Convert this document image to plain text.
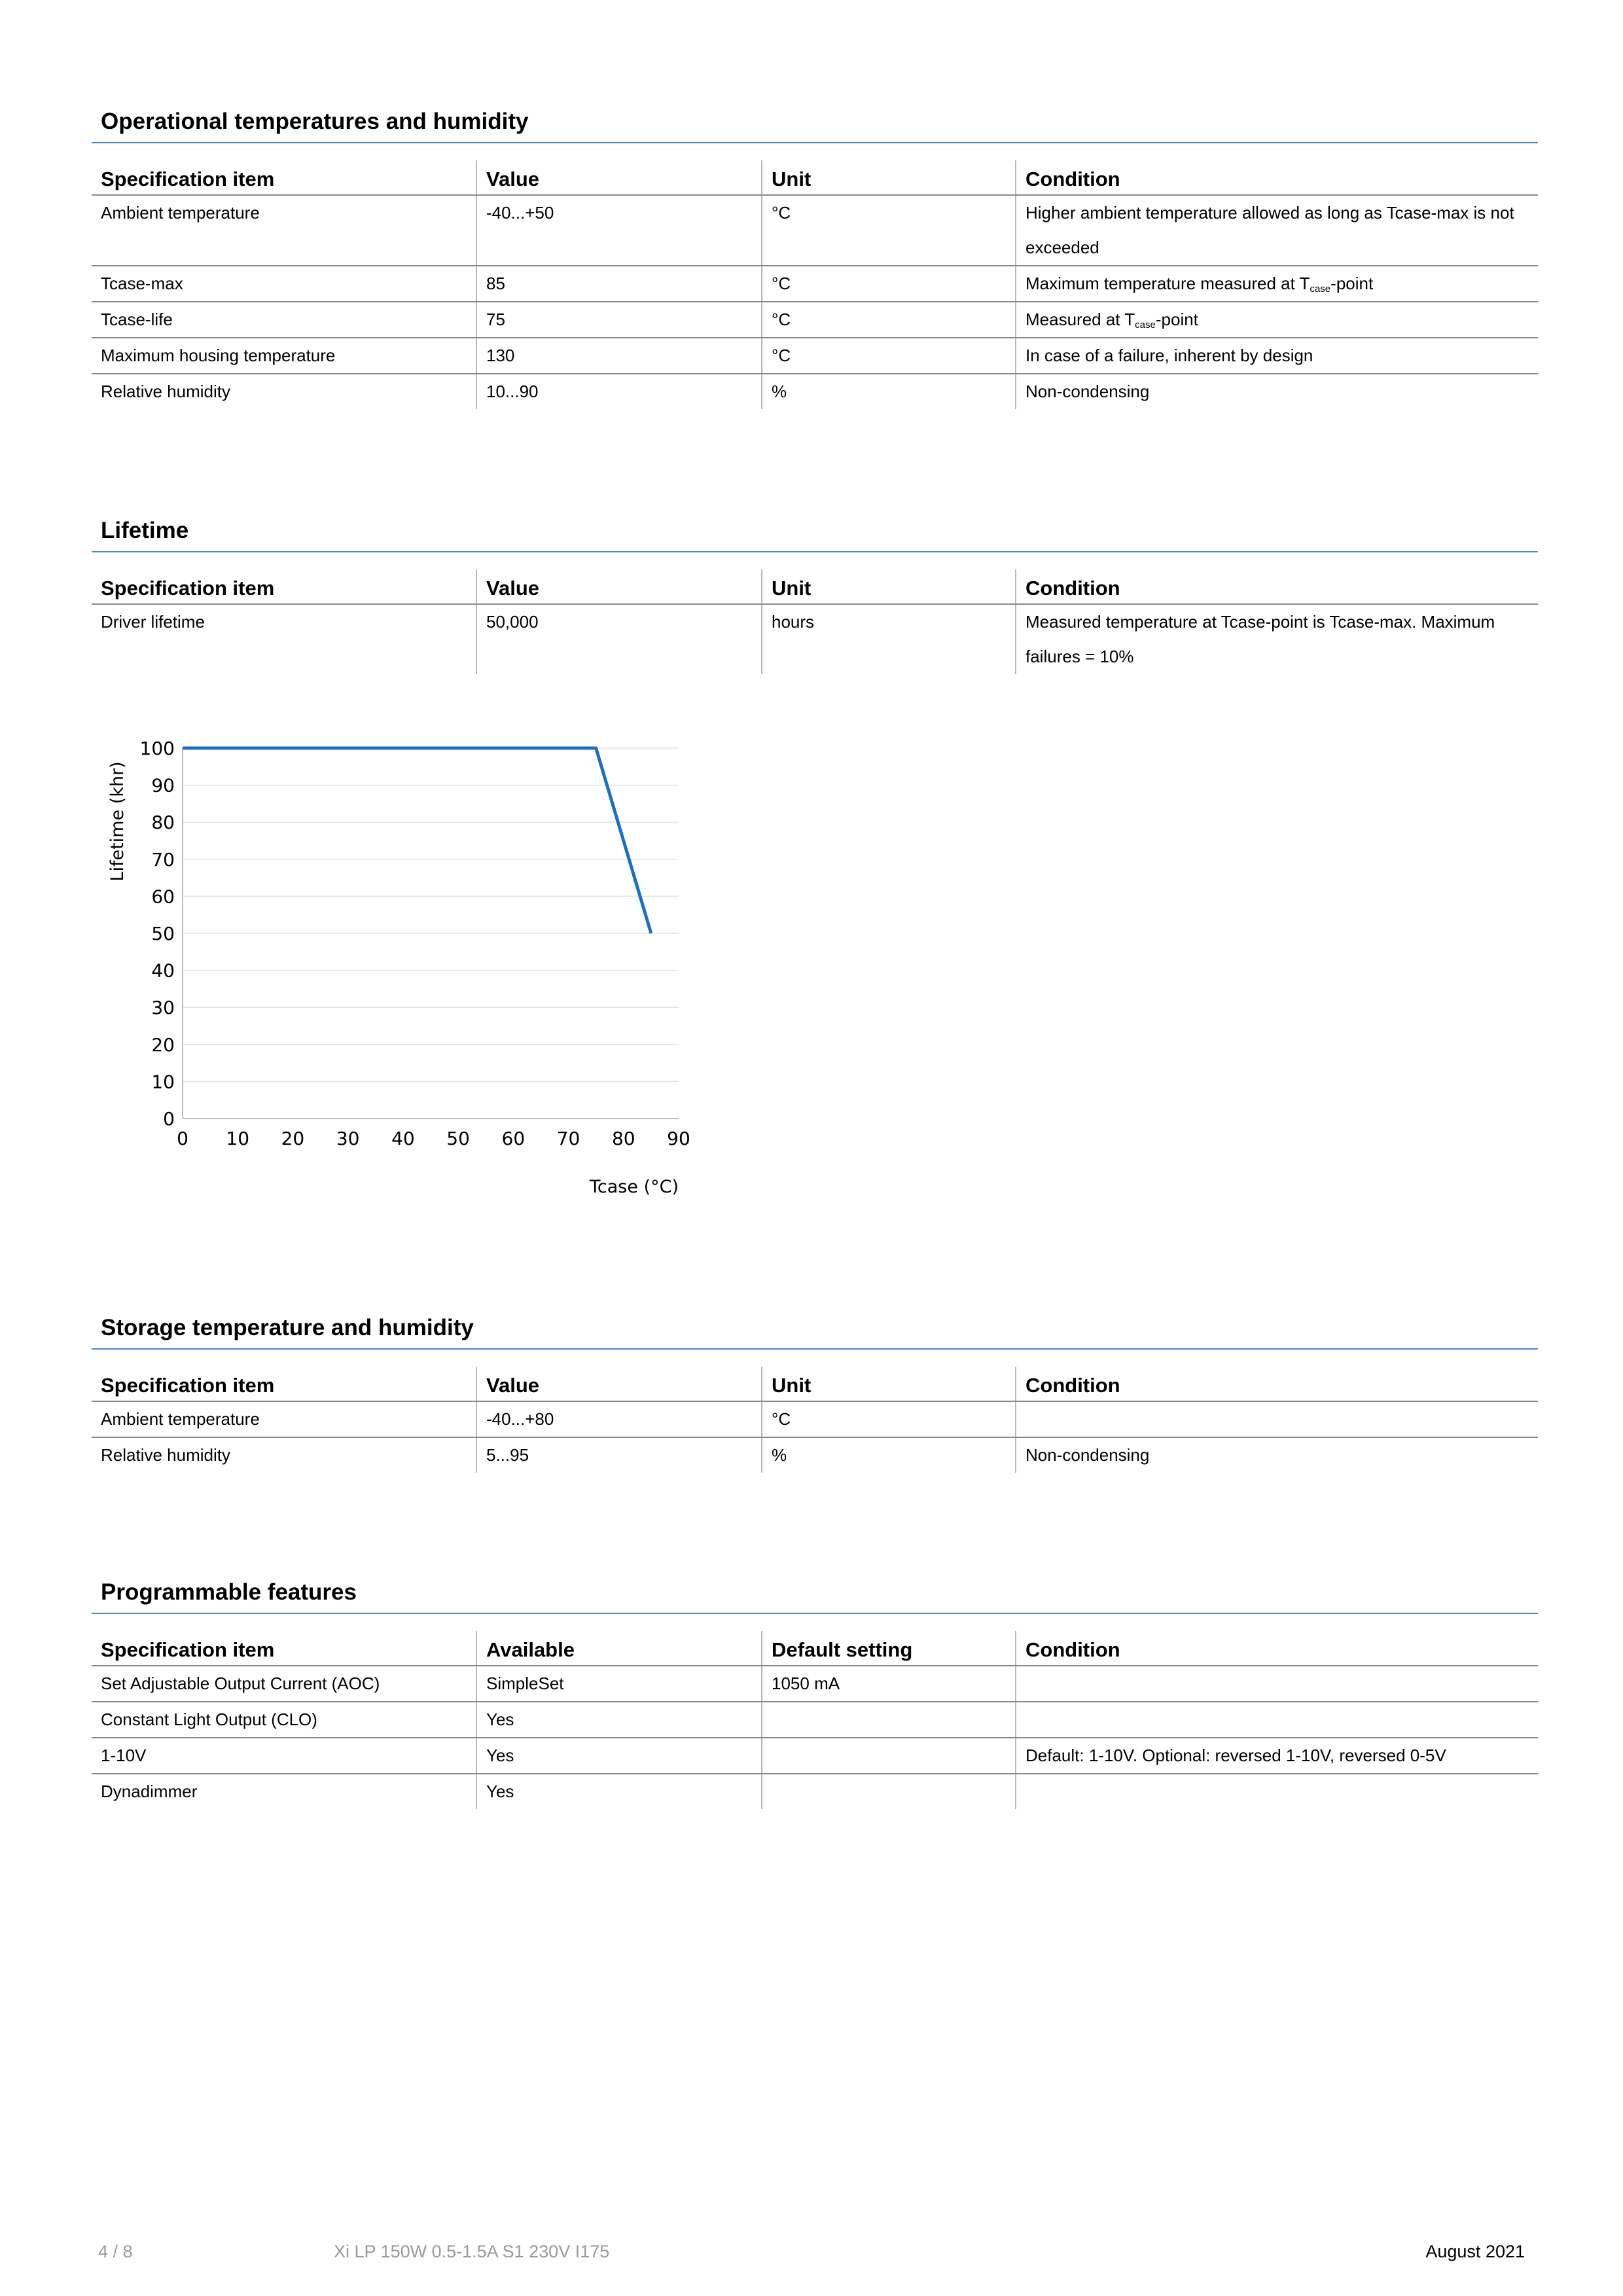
Operational temperatures and humidity
Specification item	Value	Unit	Condition
Ambient temperature	-40...+50	°C	Higher ambient temperature allowed as long as Tcase-max is not exceeded
Tcase-max	85	°C	Maximum temperature measured at $T_{case}$-point
Tcase-life	75	°C	Measured at $T_{case}$-point
Maximum housing temperature	130	°C	In case of a failure, inherent by design
Relative humidity	10...90	%	Non-condensing
Lifetime
Specification item	Value	Unit	Condition
Driver lifetime	50,000	hours	Measured temperature at Tcase-point is Tcase-max. Maximum failures = 10%
0
10
20
30
40
50
60
70
80
90
100
0 10 20 30 40 50 60 70 80 90
Lifetime (khr)
Tcase (°C)
Storage temperature and humidity
Specification item	Value	Unit	Condition
Ambient temperature	-40...+80	°C	
Relative humidity	5...95	%	Non-condensing
Programmable features
Specification item	Available	Default setting	Condition
Set Adjustable Output Current (AOC)	SimpleSet	1050 mA	
Constant Light Output (CLO)	Yes		
1-10V	Yes		Default: 1-10V. Optional: reversed 1-10V, reversed 0-5V
Dynadimmer	Yes		
4 / 8	Xi LP 150W 0.5-1.5A S1 230V I175	August 2021
